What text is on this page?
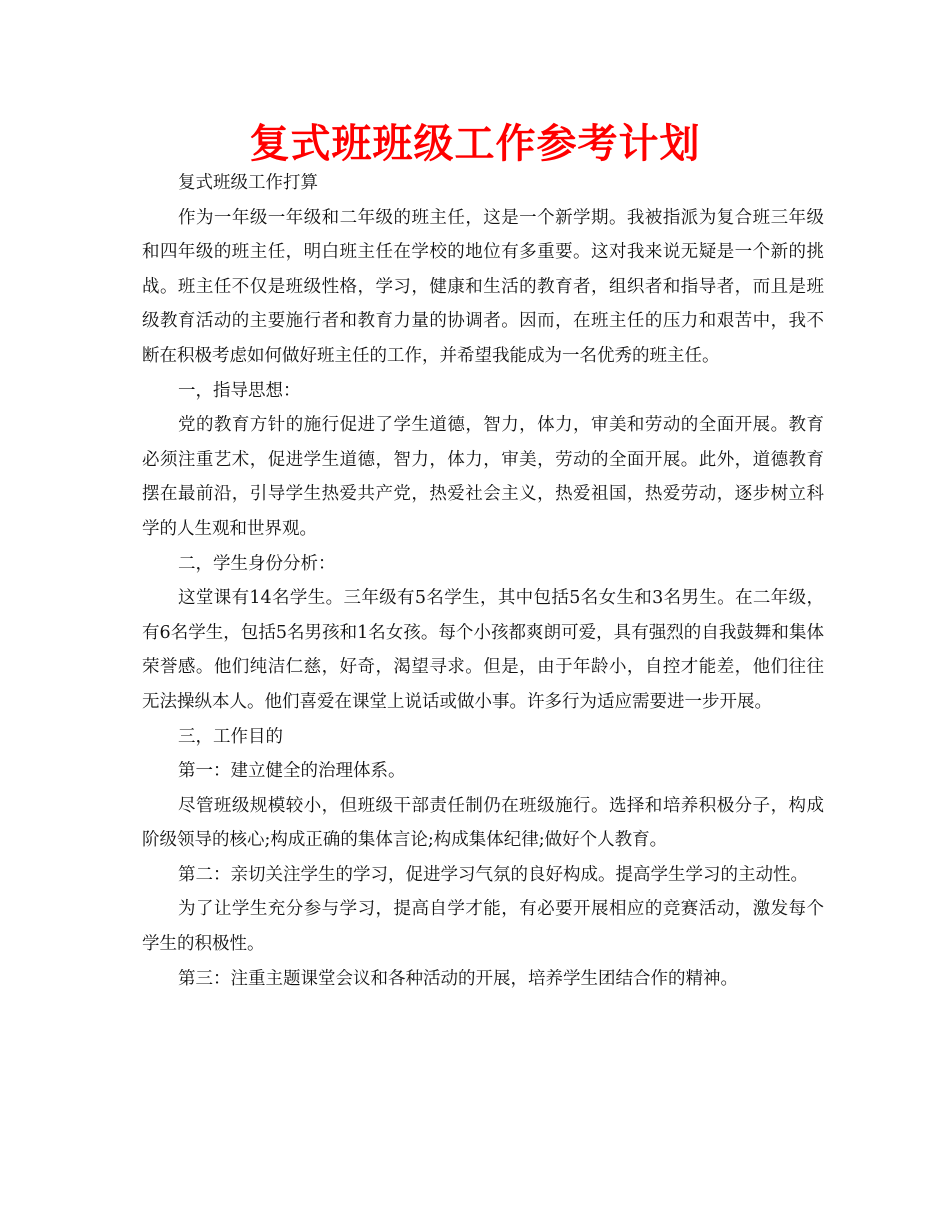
复式班班级工作参考计划

复式班级工作打算

作为一年级一年级和二年级的班主任，这是一个新学期。我被指派为复合班三年级和四年级的班主任，明白班主任在学校的地位有多重要。这对我来说无疑是一个新的挑战。班主任不仅是班级性格，学习，健康和生活的教育者，组织者和指导者，而且是班级教育活动的主要施行者和教育力量的协调者。因而，在班主任的压力和艰苦中，我不断在积极考虑如何做好班主任的工作，并希望我能成为一名优秀的班主任。

一，指导思想：

党的教育方针的施行促进了学生道德，智力，体力，审美和劳动的全面开展。教育必须注重艺术，促进学生道德，智力，体力，审美，劳动的全面开展。此外，道德教育摆在最前沿，引导学生热爱共产党，热爱社会主义，热爱祖国，热爱劳动，逐步树立科学的人生观和世界观。

二，学生身份分析：

这堂课有14名学生。三年级有5名学生，其中包括5名女生和3名男生。在二年级，有6名学生，包括5名男孩和1名女孩。每个小孩都爽朗可爱，具有强烈的自我鼓舞和集体荣誉感。他们纯洁仁慈，好奇，渴望寻求。但是，由于年龄小，自控才能差，他们往往无法操纵本人。他们喜爱在课堂上说话或做小事。许多行为适应需要进一步开展。

三，工作目的

第一：建立健全的治理体系。

尽管班级规模较小，但班级干部责任制仍在班级施行。选择和培养积极分子，构成阶级领导的核心;构成正确的集体言论;构成集体纪律;做好个人教育。

第二：亲切关注学生的学习，促进学习气氛的良好构成。提高学生学习的主动性。

为了让学生充分参与学习，提高自学才能，有必要开展相应的竞赛活动，激发每个学生的积极性。

第三：注重主题课堂会议和各种活动的开展，培养学生团结合作的精神。
